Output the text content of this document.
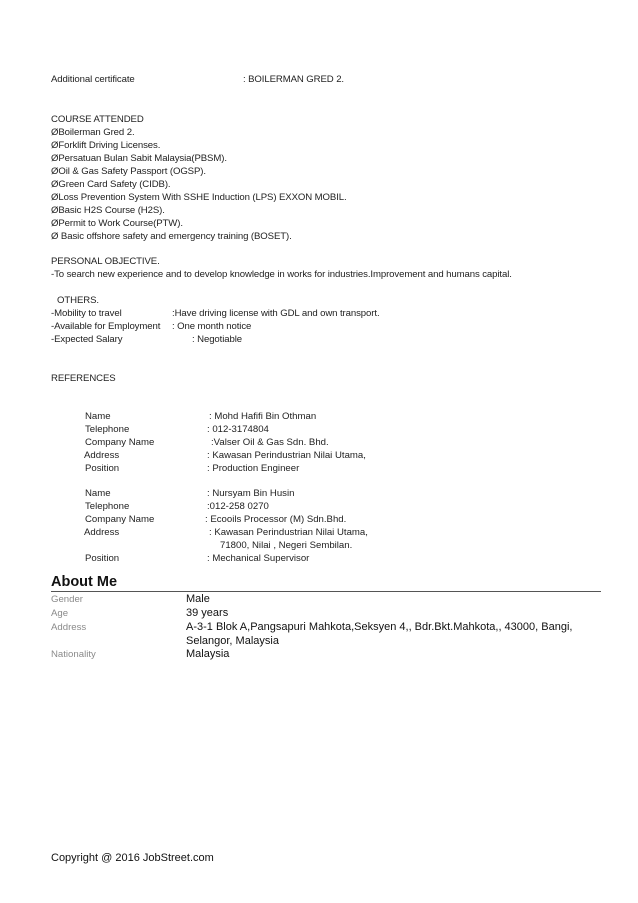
Additional certificate	: BOILERMAN GRED 2.
COURSE ATTENDED
ØBoilerman Gred 2.
ØForklift Driving Licenses.
ØPersatuan Bulan Sabit Malaysia(PBSM).
ØOil & Gas Safety Passport (OGSP).
ØGreen Card Safety (CIDB).
ØLoss Prevention System With SSHE Induction (LPS) EXXON MOBIL.
ØBasic H2S Course (H2S).
ØPermit to Work Course(PTW).
Ø Basic offshore safety and emergency training (BOSET).
PERSONAL OBJECTIVE.
-To search new experience and to develop knowledge in works for industries.Improvement and humans capital.
OTHERS.
-Mobility to travel	:Have driving license with GDL and own transport.
-Available for Employment : One month notice
-Expected Salary	: Negotiable
REFERENCES
Name	: Mohd Hafifi Bin Othman
Telephone	: 012-3174804
Company Name	:Valser Oil & Gas Sdn. Bhd.
Address	: Kawasan Perindustrian Nilai Utama,
Position	: Production Engineer
Name	: Nursyam Bin Husin
Telephone	:012-258 0270
Company Name	: Ecooils Processor (M) Sdn.Bhd.
Address	: Kawasan Perindustrian Nilai Utama,
71800, Nilai , Negeri Sembilan.
Position	: Mechanical Supervisor
About Me
Gender	Male
Age	39 years
Address	A-3-1 Blok A,Pangsapuri Mahkota,Seksyen 4,, Bdr.Bkt.Mahkota,, 43000, Bangi,
Selangor, Malaysia
Nationality	Malaysia
Copyright @ 2016 JobStreet.com
